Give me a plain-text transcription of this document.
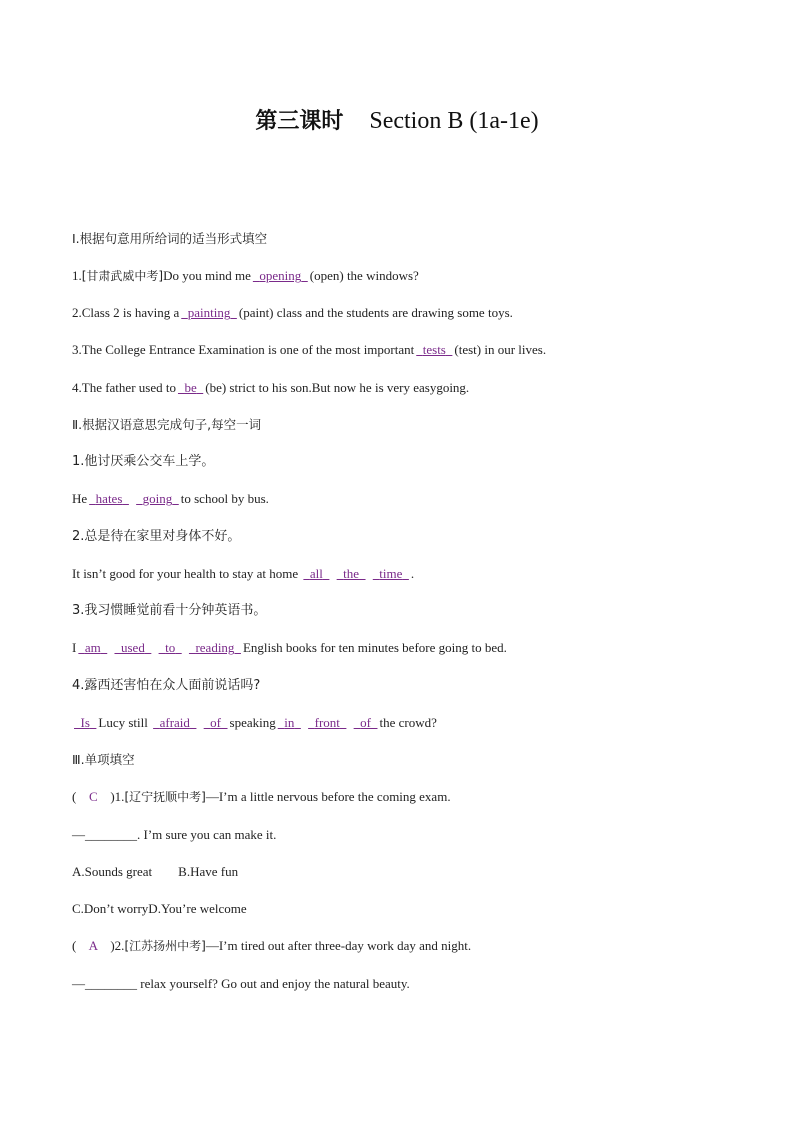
第三课时 Section B (1a-1e)
Ⅰ.根据句意用所给词的适当形式填空
1.[甘肃武威中考]Do you mind me opening (open) the windows?
2.Class 2 is having a painting (paint) class and the students are drawing some toys.
3.The College Entrance Examination is one of the most important tests (test) in our lives.
4.The father used to be (be) strict to his son.But now he is very easygoing.
Ⅱ.根据汉语意思完成句子,每空一词
1.他讨厌乘公交车上学。
He hates going to school by bus.
2.总是待在家里对身体不好。
It isn’t good for your health to stay at home all the time .
3.我习惯睡觉前看十分钟英语书。
I am used to reading English books for ten minutes before going to bed.
4.露西还害怕在众人面前说话吗?
Is Lucy still afraid of speaking in front of the crowd?
Ⅲ.单项填空
( C )1.[辽宁抚顺中考]—I’m a little nervous before the coming exam.
—________. I’m sure you can make it.
A.Sounds great B.Have fun
C.Don’t worryD.You’re welcome
( A )2.[江苏扬州中考]—I’m tired out after three-day work day and night.
—________ relax yourself? Go out and enjoy the natural beauty.
